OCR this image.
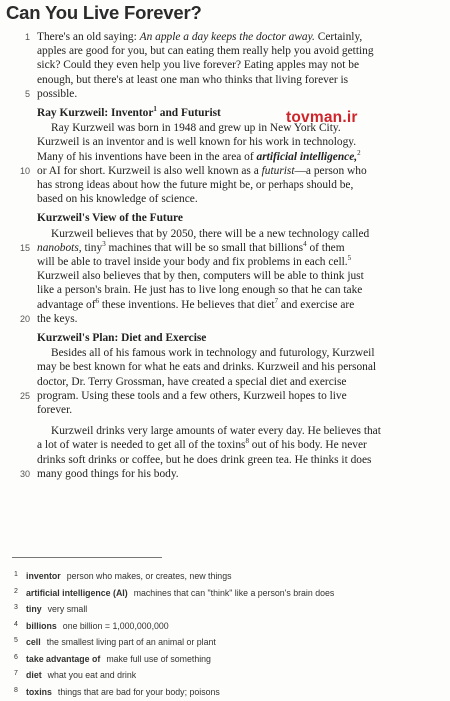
Can You Live Forever?
tovman.ir
1 There's an old saying: An apple a day keeps the doctor away. Certainly,
apples are good for you, but can eating them really help you avoid getting
sick? Could they even help you live forever? Eating apples may not be
enough, but there's at least one man who thinks that living forever is
5 possible.
Ray Kurzweil: Inventor$^1$ and Futurist
Ray Kurzweil was born in 1948 and grew up in New York City.
Kurzweil is an inventor and is well known for his work in technology.
Many of his inventions have been in the area of artificial intelligence,$^2$
10 or AI for short. Kurzweil is also well known as a futurist—a person who
has strong ideas about how the future might be, or perhaps should be,
based on his knowledge of science.
Kurzweil's View of the Future
Kurzweil believes that by 2050, there will be a new technology called
15 nanobots, tiny$^3$ machines that will be so small that billions$^4$ of them
will be able to travel inside your body and fix problems in each cell.$^5$
Kurzweil also believes that by then, computers will be able to think just
like a person's brain. He just has to live long enough so that he can take
advantage $of^6$ these inventions. He believes that diet$^7$ and exercise are
20 the keys.
Kurzweil's Plan: Diet and Exercise
Besides all of his famous work in technology and futurology, Kurzweil
may be best known for what he eats and drinks. Kurzweil and his personal
doctor, Dr. Terry Grossman, have created a special diet and exercise
25 program. Using these tools and a few others, Kurzweil hopes to live
forever.
Kurzweil drinks very large amounts of water every day. He believes that
a lot of water is needed to get all of the toxins$^8$ out of his body. He never
drinks soft drinks or coffee, but he does drink green tea. He thinks it does
30 many good things for his body.
1 inventor person who makes, or creates, new things
2 artificial intelligence (AI) machines that can "think" like a person's brain does
3 tiny very small
4 billions one billion = 1,000,000,000
5 cell the smallest living part of an animal or plant
6 take advantage of make full use of something
7 diet what you eat and drink
8 toxins things that are bad for your body; poisons
